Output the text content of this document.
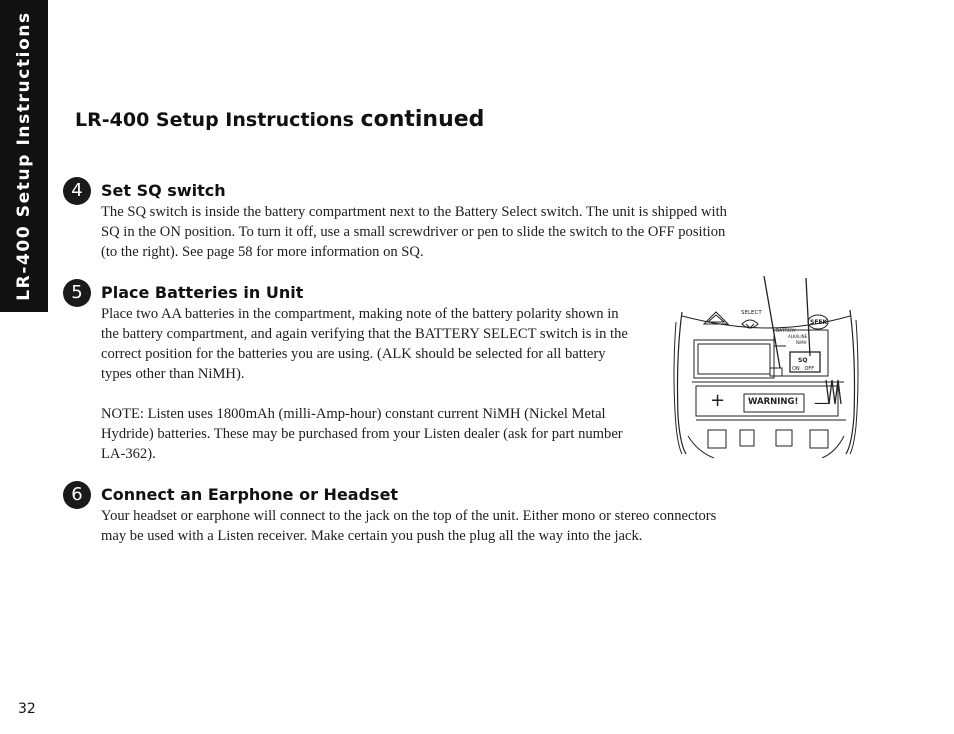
LR-400 Setup Instructions LR-400 Setup Instructions continued
4	Set SQ switch

The SQ switch is inside the battery compartment next to the Battery Select switch. The unit is shipped with SQ in the ON position. To turn it off, use a small screwdriver or pen to slide the switch to the OFF position (to the right). See page 58 for more information on SQ.

5	Place Batteries in Unit

Place two AA batteries in the compartment, making note of the battery polarity shown in the battery compartment, and again verifying that the BATTERY SELECT switch is in the correct position for the batteries you are using. (ALK should be selected for all battery types other than NiMH).

NOTE: Listen uses 1800mAh (milli-Amp-hour) constant current NiMH (Nickel Metal Hydride) batteries. These may be purchased from your Listen dealer (ask for part number LA-362).

6	Connect an Earphone or Headset

Your headset or earphone will connect to the jack on the top of the unit. Either mono or stereo connectors may be used with a Listen receiver. Make certain you push the plug all the way into the jack.

SELECT
SEEK
BATTERY
ALKALINE
NiMH
SQ
ON   OFF
+	—
WARNING!
32
